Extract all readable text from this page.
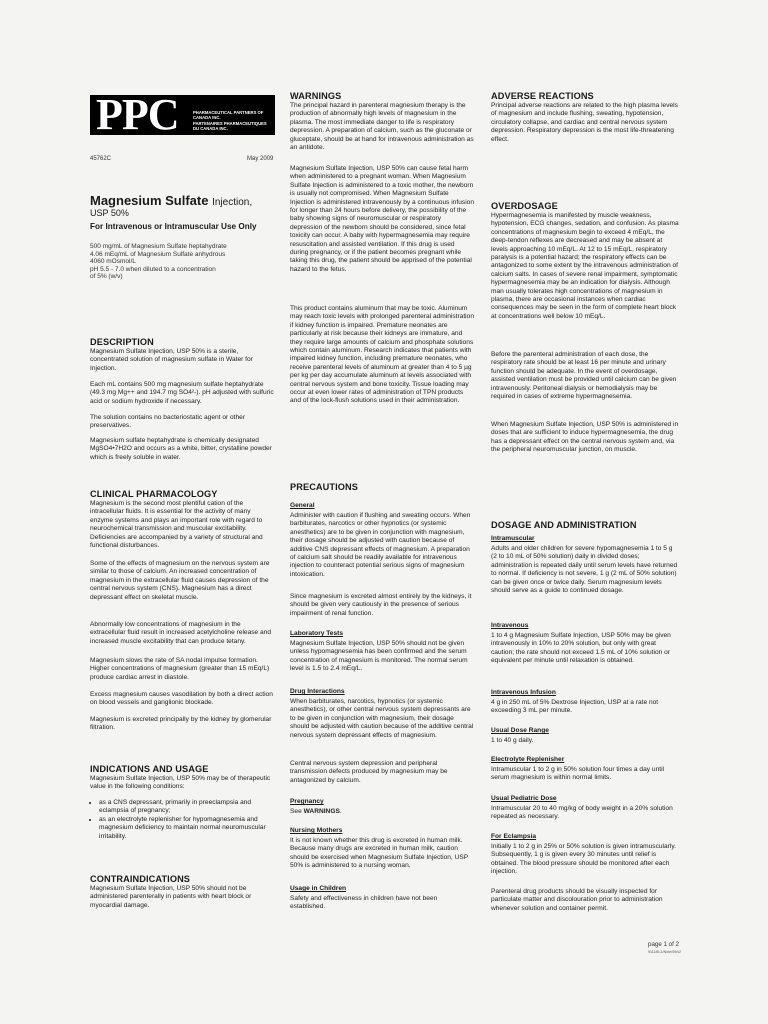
PPC	PHARMACEUTICAL PARTNERS OF CANADA INC.
PARTENAIRES PHARMACEUTIQUES DU CANADA INC.
45762C	May 2009
Magnesium Sulfate Injection,
USP 50%
For Intravenous or Intramuscular Use Only
500 mg/mL of Magnesium Sulfate heptahydrate
4.06 mEq/mL of Magnesium Sulfate anhydrous
4060 mOsmol/L
pH 5.5 - 7.0 when diluted to a concentration
of 5% (w/v)
DESCRIPTION

Magnesium Sulfate Injection, USP 50% is a sterile, concentrated solution of magnesium sulfate in Water for Injection.

Each mL contains 500 mg magnesium sulfate heptahydrate (49.3 mg Mg++ and 194.7 mg SO4²-). pH adjusted with sulfuric acid or sodium hydroxide if necessary.

The solution contains no bacteriostatic agent or other preservatives.

Magnesium sulfate heptahydrate is chemically designated MgSO4•7H2O and occurs as a white, bitter, crystalline powder which is freely soluble in water.

CLINICAL PHARMACOLOGY

Magnesium is the second most plentiful cation of the intracellular fluids. It is essential for the activity of many enzyme systems and plays an important role with regard to neurochemical transmission and muscular excitability. Deficiencies are accompanied by a variety of structural and functional disturbances.

Some of the effects of magnesium on the nervous system are similar to those of calcium. An increased concentration of magnesium in the extracellular fluid causes depression of the central nervous system (CNS). Magnesium has a direct depressant effect on skeletal muscle.

Abnormally low concentrations of magnesium in the extracellular fluid result in increased acetylcholine release and increased muscle excitability that can produce tetany.

Magnesium slows the rate of SA nodal impulse formation. Higher concentrations of magnesium (greater than 15 mEq/L) produce cardiac arrest in diastole.

Excess magnesium causes vasodilation by both a direct action on blood vessels and ganglionic blockade.

Magnesium is excreted principally by the kidney by glomerular filtration.

INDICATIONS AND USAGE

Magnesium Sulfate Injection, USP 50% may be of therapeutic value in the following conditions:

• as a CNS depressant, primarily in preeclampsia and eclampsia of pregnancy;
• as an electrolyte replenisher for hypomagnesemia and magnesium deficiency to maintain normal neuromuscular irritability.
CONTRAINDICATIONS

Magnesium Sulfate Injection, USP 50% should not be administered parenterally in patients with heart block or myocardial damage.

WARNINGS

The principal hazard in parenteral magnesium therapy is the production of abnormally high levels of magnesium in the plasma. The most immediate danger to life is respiratory depression. A preparation of calcium, such as the gluconate or gluceptate, should be at hand for intravenous administration as an antidote.

Magnesium Sulfate Injection, USP 50% can cause fetal harm when administered to a pregnant woman. When Magnesium Sulfate Injection is administered to a toxic mother, the newborn is usually not compromised. When Magnesium Sulfate Injection is administered intravenously by a continuous infusion for longer than 24 hours before delivery, the possibility of the baby showing signs of neuromuscular or respiratory depression of the newborn should be considered, since fetal toxicity can occur. A baby with hypermagnesemia may require resuscitation and assisted ventilation. If this drug is used during pregnancy, or if the patient becomes pregnant while taking this drug, the patient should be apprised of the potential hazard to the fetus.

This product contains aluminum that may be toxic. Aluminum may reach toxic levels with prolonged parenteral administration if kidney function is impaired. Premature neonates are particularly at risk because their kidneys are immature, and they require large amounts of calcium and phosphate solutions which contain aluminum. Research indicates that patients with impaired kidney function, including premature neonates, who receive parenteral levels of aluminum at greater than 4 to 5 µg per kg per day accumulate aluminum at levels associated with central nervous system and bone toxicity. Tissue loading may occur at even lower rates of administration of TPN products and of the lock-flush solutions used in their administration.

PRECAUTIONS
General

Administer with caution if flushing and sweating occurs. When barbiturates, narcotics or other hypnotics (or systemic anesthetics) are to be given in conjunction with magnesium, their dosage should be adjusted with caution because of additive CNS depressant effects of magnesium. A preparation of calcium salt should be readily available for intravenous injection to counteract potential serious signs of magnesium intoxication.

Since magnesium is excreted almost entirely by the kidneys, it should be given very cautiously in the presence of serious impairment of renal function.

Laboratory Tests

Magnesium Sulfate Injection, USP 50% should not be given unless hypomagnesemia has been confirmed and the serum concentration of magnesium is monitored. The normal serum level is 1.5 to 2.4 mEq/L.

Drug Interactions

When barbiturates, narcotics, hypnotics (or systemic anesthetics), or other central nervous system depressants are to be given in conjunction with magnesium, their dosage should be adjusted with caution because of the additive central nervous system depressant effects of magnesium.

Central nervous system depression and peripheral transmission defects produced by magnesium may be antagonized by calcium.

Pregnancy

See WARNINGS.

Nursing Mothers

It is not known whether this drug is excreted in human milk. Because many drugs are excreted in human milk, caution should be exercised when Magnesium Sulfate Injection, USP 50% is administered to a nursing woman.

Usage in Children

Safety and effectiveness in children have not been established.

ADVERSE REACTIONS

Principal adverse reactions are related to the high plasma levels of magnesium and include flushing, sweating, hypotension, circulatory collapse, and cardiac and central nervous system depression. Respiratory depression is the most life-threatening effect.

OVERDOSAGE

Hypermagnesemia is manifested by muscle weakness, hypotension, ECG changes, sedation, and confusion. As plasma concentrations of magnesium begin to exceed 4 mEq/L, the deep-tendon reflexes are decreased and may be absent at levels approaching 10 mEq/L. At 12 to 15 mEq/L, respiratory paralysis is a potential hazard; the respiratory effects can be antagonized to some extent by the intravenous administration of calcium salts. In cases of severe renal impairment, symptomatic hypermagnesemia may be an indication for dialysis. Although man usually tolerates high concentrations of magnesium in plasma, there are occasional instances when cardiac consequences may be seen in the form of complete heart block at concentrations well below 10 mEq/L.

Before the parenteral administration of each dose, the respiratory rate should be at least 16 per minute and urinary function should be adequate. In the event of overdosage, assisted ventilation must be provided until calcium can be given intravenously. Peritoneal dialysis or hemodialysis may be required in cases of extreme hypermagnesemia.

When Magnesium Sulfate Injection, USP 50% is administered in doses that are sufficient to induce hypermagnesemia, the drug has a depressant effect on the central nervous system and, via the peripheral neuromuscular junction, on muscle.

DOSAGE AND ADMINISTRATION
Intramuscular

Adults and older children for severe hypomagnesemia 1 to 5 g (2 to 10 mL of 50% solution) daily in divided doses; administration is repeated daily until serum levels have returned to normal. If deficiency is not severe, 1 g (2 mL of 50% solution) can be given once or twice daily. Serum magnesium levels should serve as a guide to continued dosage.

Intravenous

1 to 4 g Magnesium Sulfate Injection, USP 50% may be given intravenously in 10% to 20% solution, but only with great caution; the rate should not exceed 1.5 mL of 10% solution or equivalent per minute until relaxation is obtained.

Intravenous Infusion

4 g in 250 mL of 5% Dextrose Injection, USP at a rate not exceeding 3 mL per minute.

Usual Dose Range

1 to 40 g daily.

Electrolyte Replenisher

Intramuscular 1 to 2 g in 50% solution four times a day until serum magnesium is within normal limits.

Usual Pediatric Dose

Intramuscular 20 to 40 mg/kg of body weight in a 20% solution repeated as necessary.

For Eclampsia

Initially 1 to 2 g in 25% or 50% solution is given intramuscularly. Subsequently, 1 g is given every 30 minutes until relief is obtained. The blood pressure should be monitored after each injection.

Parenteral drug products should be visually inspected for particulate matter and discolouration prior to administration whenever solution and container permit.

page 1 of 2
911185-1/Note/09/v2
